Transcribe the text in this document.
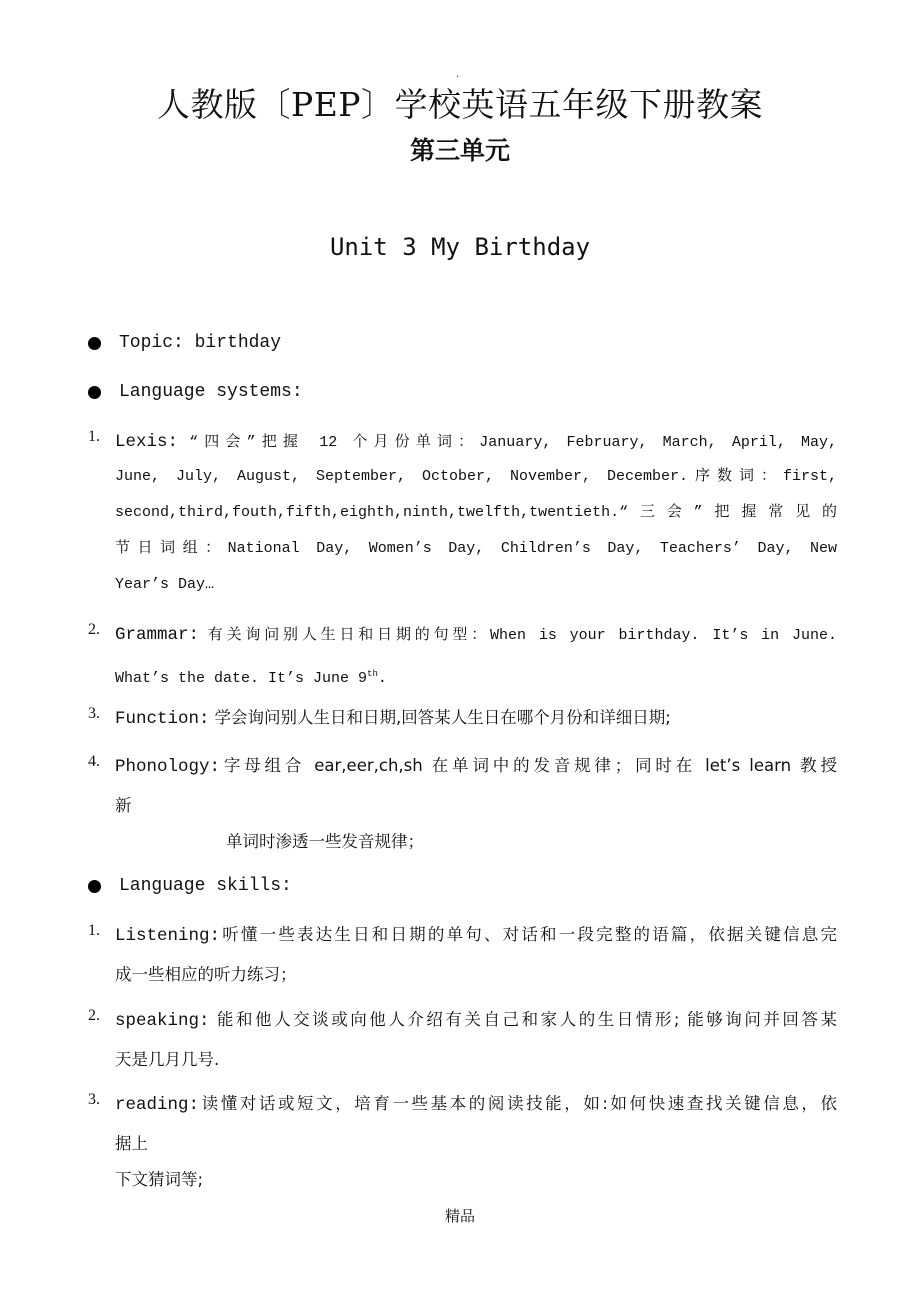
.
人教版〔PEP〕学校英语五年级下册教案
第三单元
Unit 3 My Birthday
Topic: birthday
Language systems:
1. Lexis: “四会”把握 12 个月份单词：January, February, March, April, May,
June, July, August, September, October, November, December.序数词：first,
second,third,fouth,fifth,eighth,ninth,twelfth,twentieth.“三会”把握常见的
节日词组：National Day, Women’s Day, Children’s Day, Teachers’ Day, New
Year’s Day…
2. Grammar: 有关询问别人生日和日期的句型：When is your birthday. It’s in June.
What’s the date. It’s June 9th.
3. Function: 学会询问别人生日和日期,回答某人生日在哪个月份和详细日期;
4. Phonology:字母组合 ear,eer,ch,sh 在单词中的发音规律；同时在 let’s learn 教授
新
单词时渗透一些发音规律；
Language skills:
1. Listening:听懂一些表达生日和日期的单句、对话和一段完整的语篇，依据关键信息完
成一些相应的听力练习；
2. speaking: 能和他人交谈或向他人介绍有关自己和家人的生日情形; 能够询问并回答某
天是几月几号.
3. reading:读懂对话或短文，培育一些基本的阅读技能，如:如何快速查找关键信息，依
据上
下文猜词等;
精品
